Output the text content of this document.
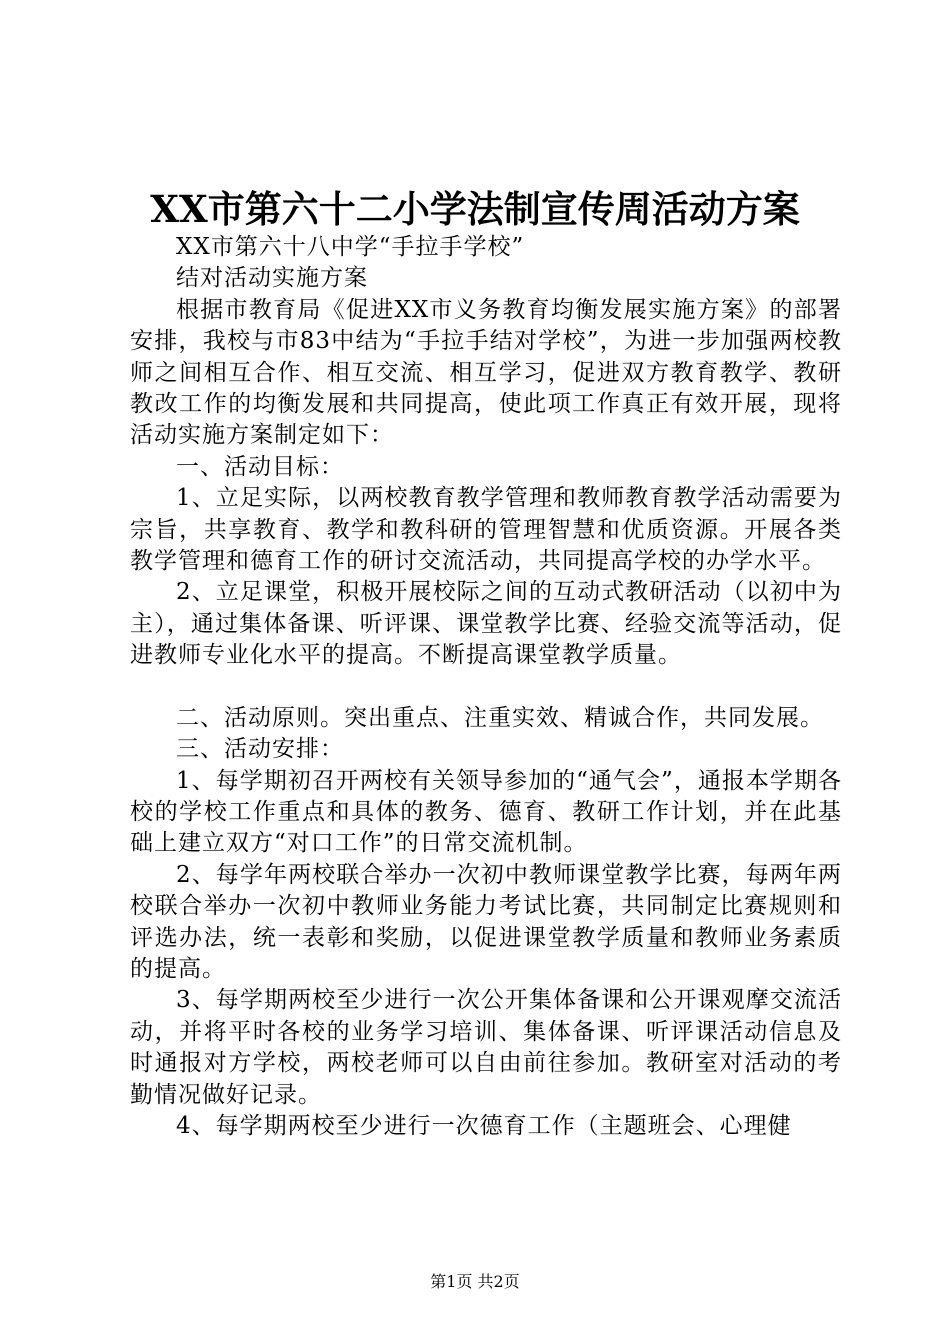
XX市第六十二小学法制宣传周活动方案

XX市第六十八中学“手拉手学校”

结对活动实施方案

根据市教育局《促进XX市义务教育均衡发展实施方案》的部署安排，我校与市83中结为“手拉手结对学校”，为进一步加强两校教师之间相互合作、相互交流、相互学习，促进双方教育教学、教研教改工作的均衡发展和共同提高，使此项工作真正有效开展，现将活动实施方案制定如下：

一、活动目标：

1、立足实际，以两校教育教学管理和教师教育教学活动需要为宗旨，共享教育、教学和教科研的管理智慧和优质资源。开展各类教学管理和德育工作的研讨交流活动，共同提高学校的办学水平。

2、立足课堂，积极开展校际之间的互动式教研活动（以初中为主），通过集体备课、听评课、课堂教学比赛、经验交流等活动，促进教师专业化水平的提高。不断提高课堂教学质量。

二、活动原则。突出重点、注重实效、精诚合作，共同发展。

三、活动安排：

1、每学期初召开两校有关领导参加的“通气会”，通报本学期各校的学校工作重点和具体的教务、德育、教研工作计划，并在此基础上建立双方“对口工作”的日常交流机制。

2、每学年两校联合举办一次初中教师课堂教学比赛，每两年两校联合举办一次初中教师业务能力考试比赛，共同制定比赛规则和评选办法，统一表彰和奖励，以促进课堂教学质量和教师业务素质的提高。

3、每学期两校至少进行一次公开集体备课和公开课观摩交流活动，并将平时各校的业务学习培训、集体备课、听评课活动信息及时通报对方学校，两校老师可以自由前往参加。教研室对活动的考勤情况做好记录。

4、每学期两校至少进行一次德育工作（主题班会、心理健

第1页 共2页
